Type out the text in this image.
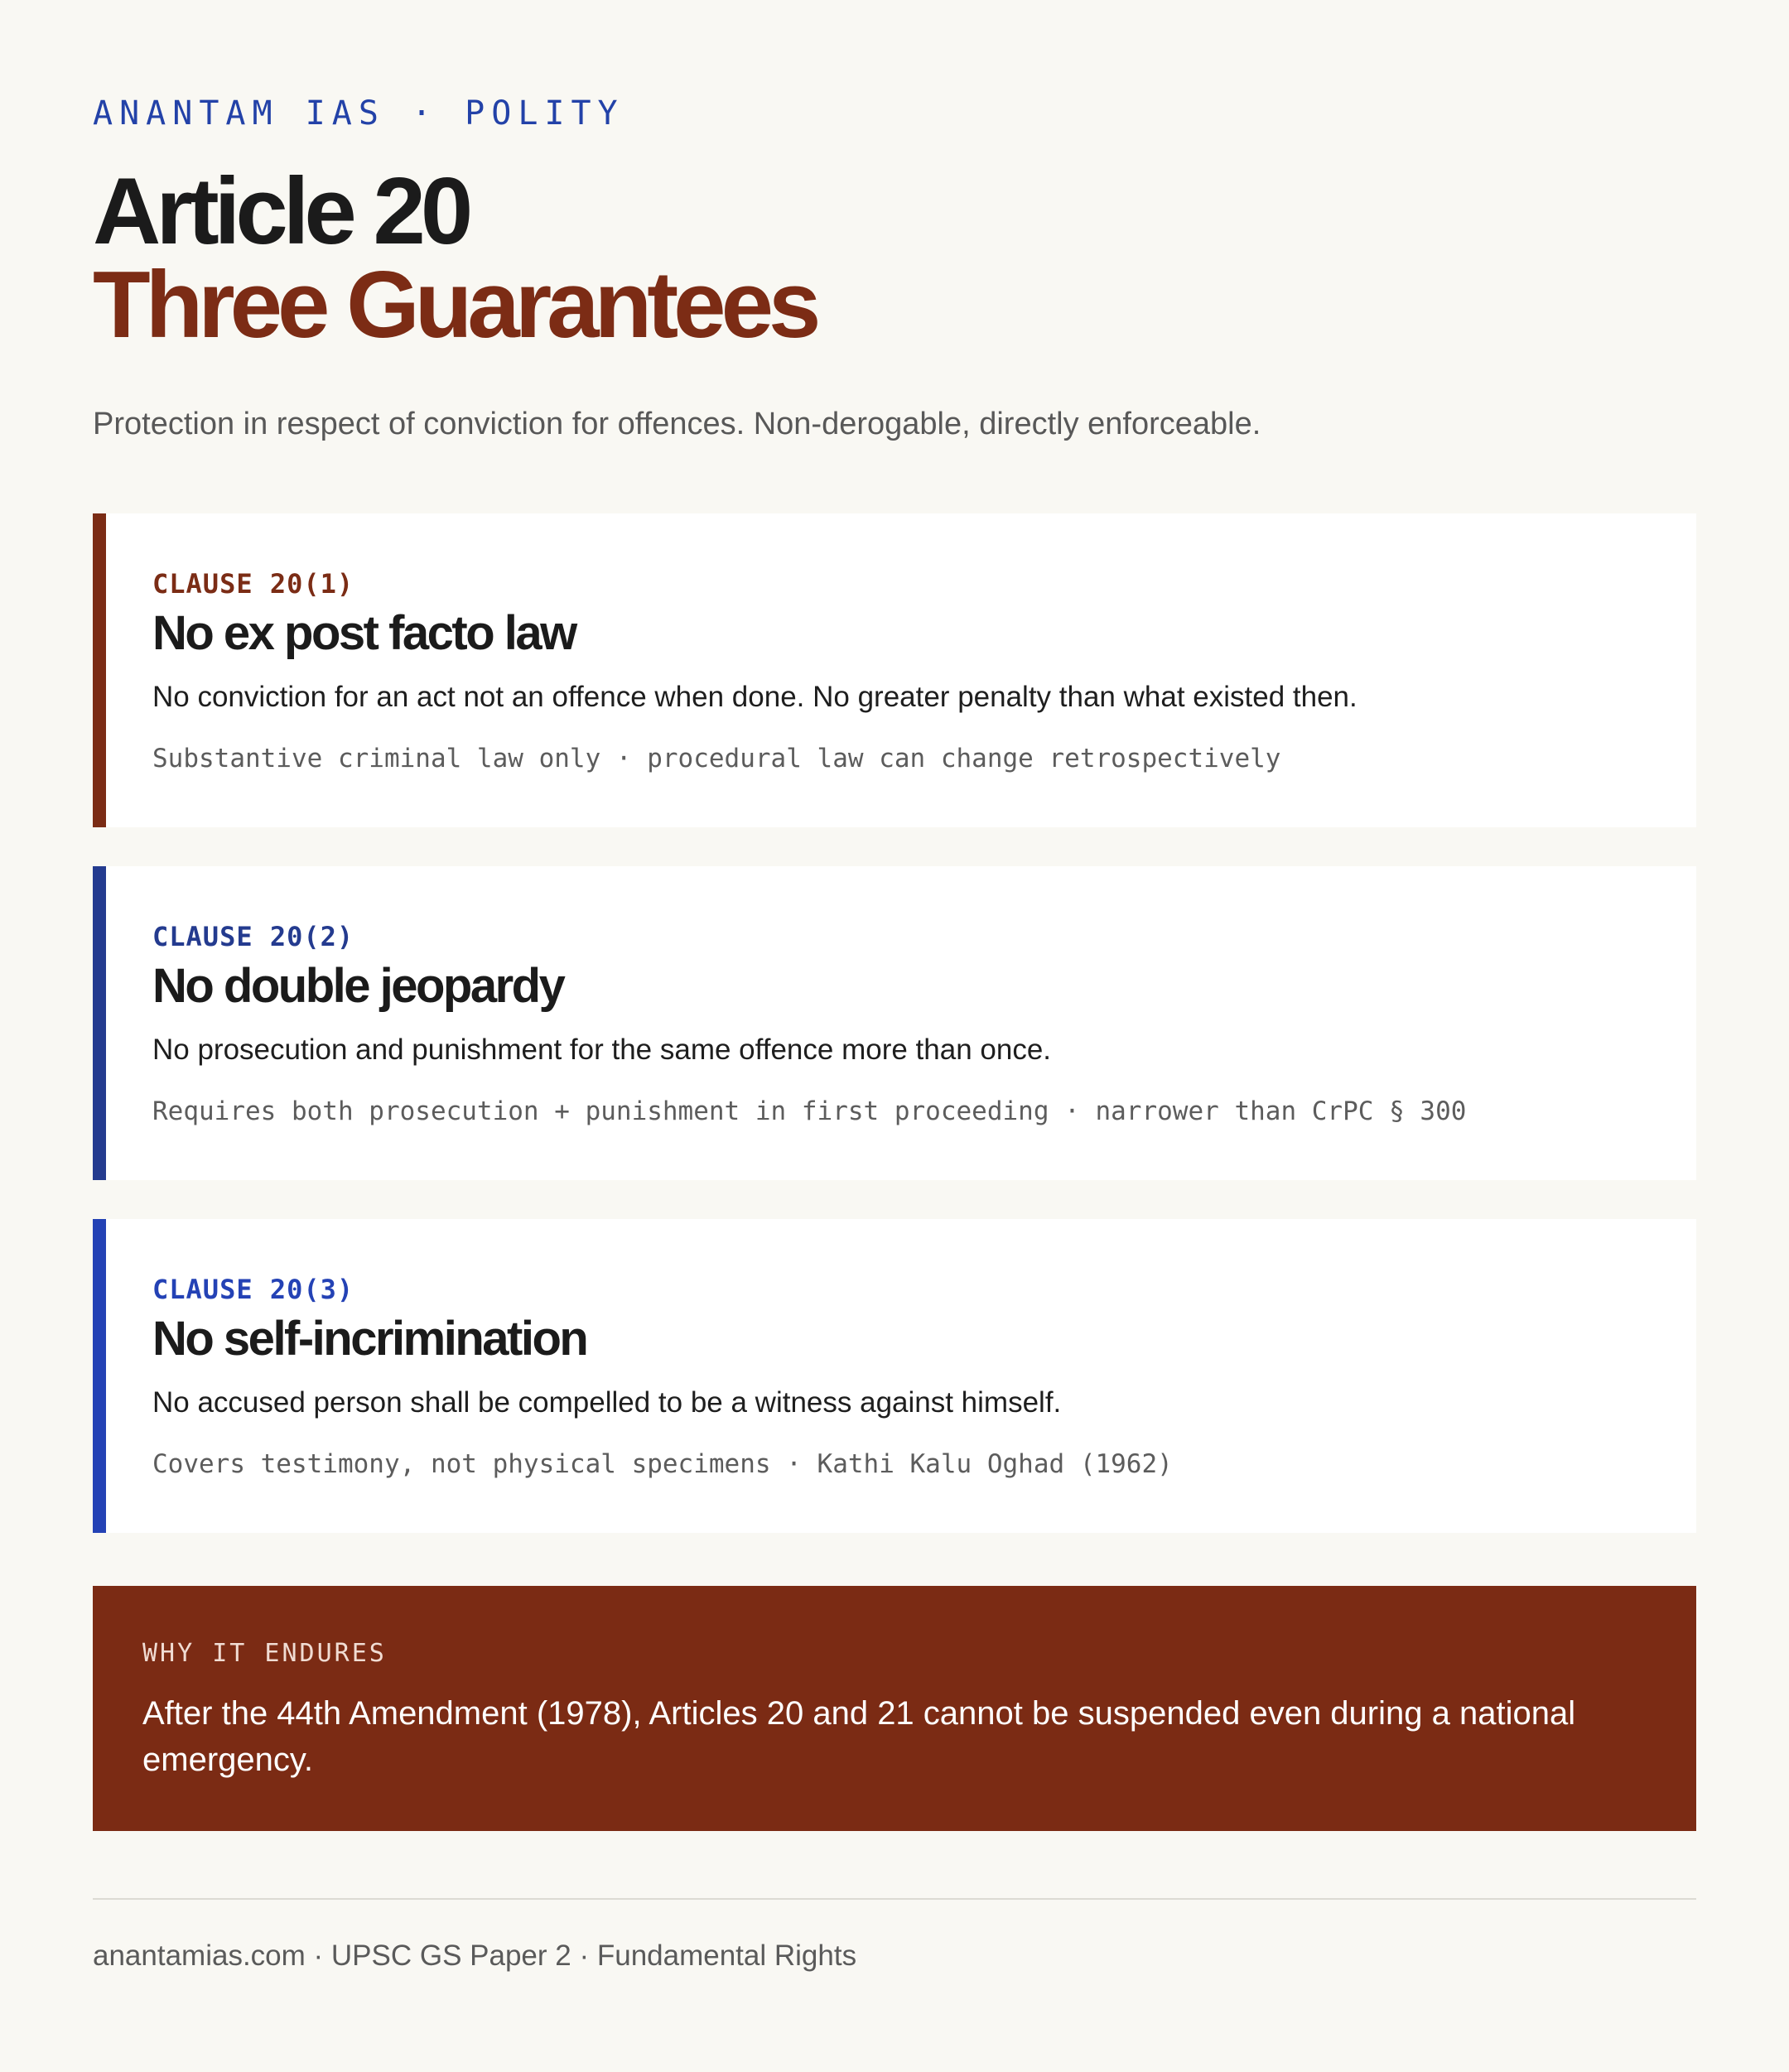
ANANTAM IAS · POLITY
Article 20
Three Guarantees

Protection in respect of conviction for offences. Non-derogable, directly enforceable.

CLAUSE 20(1)
No ex post facto law

No conviction for an act not an offence when done. No greater penalty than what existed then.

Substantive criminal law only · procedural law can change retrospectively

CLAUSE 20(2)
No double jeopardy

No prosecution and punishment for the same offence more than once.

Requires both prosecution + punishment in first proceeding · narrower than CrPC § 300

CLAUSE 20(3)
No self-incrimination

No accused person shall be compelled to be a witness against himself.

Covers testimony, not physical specimens · Kathi Kalu Oghad (1962)

WHY IT ENDURES

After the 44th Amendment (1978), Articles 20 and 21 cannot be suspended even during a national emergency.

anantamias.com · UPSC GS Paper 2 · Fundamental Rights
